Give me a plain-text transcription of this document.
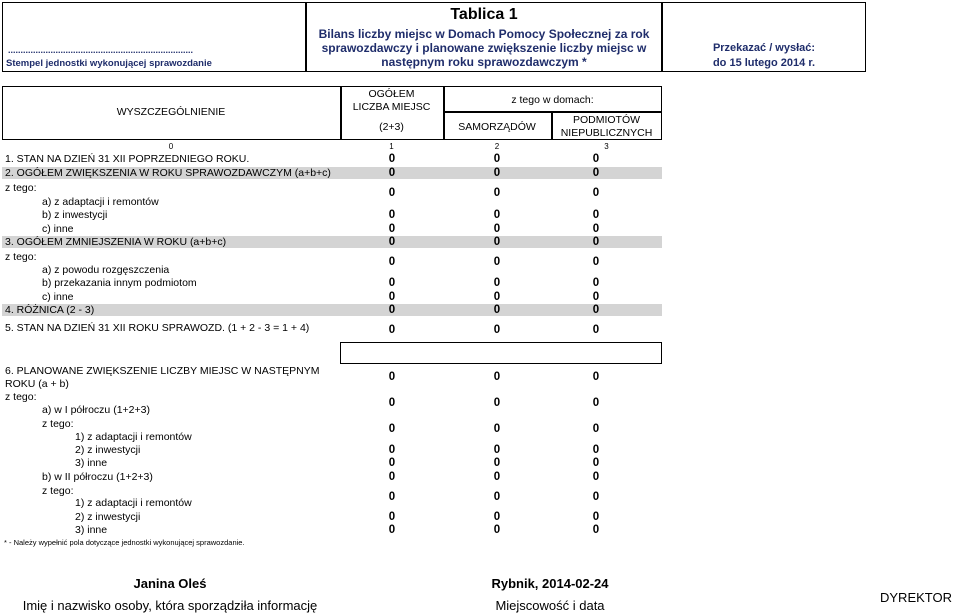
..........................................................................
Stempel jednostki wykonującej sprawozdanie
Tablica 1
Bilans liczby miejsc w Domach Pomocy Społecznej za rok
sprawozdawczy i planowane zwiększenie liczby miejsc w
następnym roku sprawozdawczym *
Przekazać / wysłać:
do 15 lutego 2014 r.
WYSZCZEGÓLNIENIE
OGÓŁEM
LICZBA MIEJSC
(2+3)
z tego w domach:
SAMORZĄDÓW
PODMIOTÓW
NIEPUBLICZNYCH
0	1	2	3
1. STAN NA DZIEŃ 31 XII POPRZEDNIEGO ROKU.	0	0	0
2. OGÓŁEM ZWIĘKSZENIA W ROKU SPRAWOZDAWCZYM (a+b+c)	0	0	0
z tego:
a) z adaptacji i remontów
0	0	0
b) z inwestycji	0	0	0
c) inne	0	0	0
3. OGÓŁEM ZMNIEJSZENIA W ROKU (a+b+c)	0	0	0
z tego:
a) z powodu rozgęszczenia
0	0	0
b) przekazania innym podmiotom	0	0	0
c) inne	0	0	0
4. RÓŻNICA (2 - 3)	0	0	0
5. STAN NA DZIEŃ 31 XII ROKU SPRAWOZD. (1 + 2 - 3 = 1 + 4)	0	0	0
6. PLANOWANE ZWIĘKSZENIE LICZBY MIEJSC W NASTĘPNYM
ROKU (a + b)
0	0	0
z tego:
a) w I półroczu (1+2+3)
0	0	0
z tego:
1) z adaptacji i remontów
0	0	0
2) z inwestycji	0	0	0
3) inne	0	0	0
b) w II półroczu (1+2+3)	0	0	0
z tego:
1) z adaptacji i remontów	0	0	0
2) z inwestycji	0	0	0
3) inne	0	0	0
* - Należy wypełnić pola dotyczące jednostki wykonującej sprawozdanie.
Janina Oleś
Imię i nazwisko osoby, która sporządziła informację
Rybnik, 2014-02-24
Miejscowość i data
DYREKTOR
